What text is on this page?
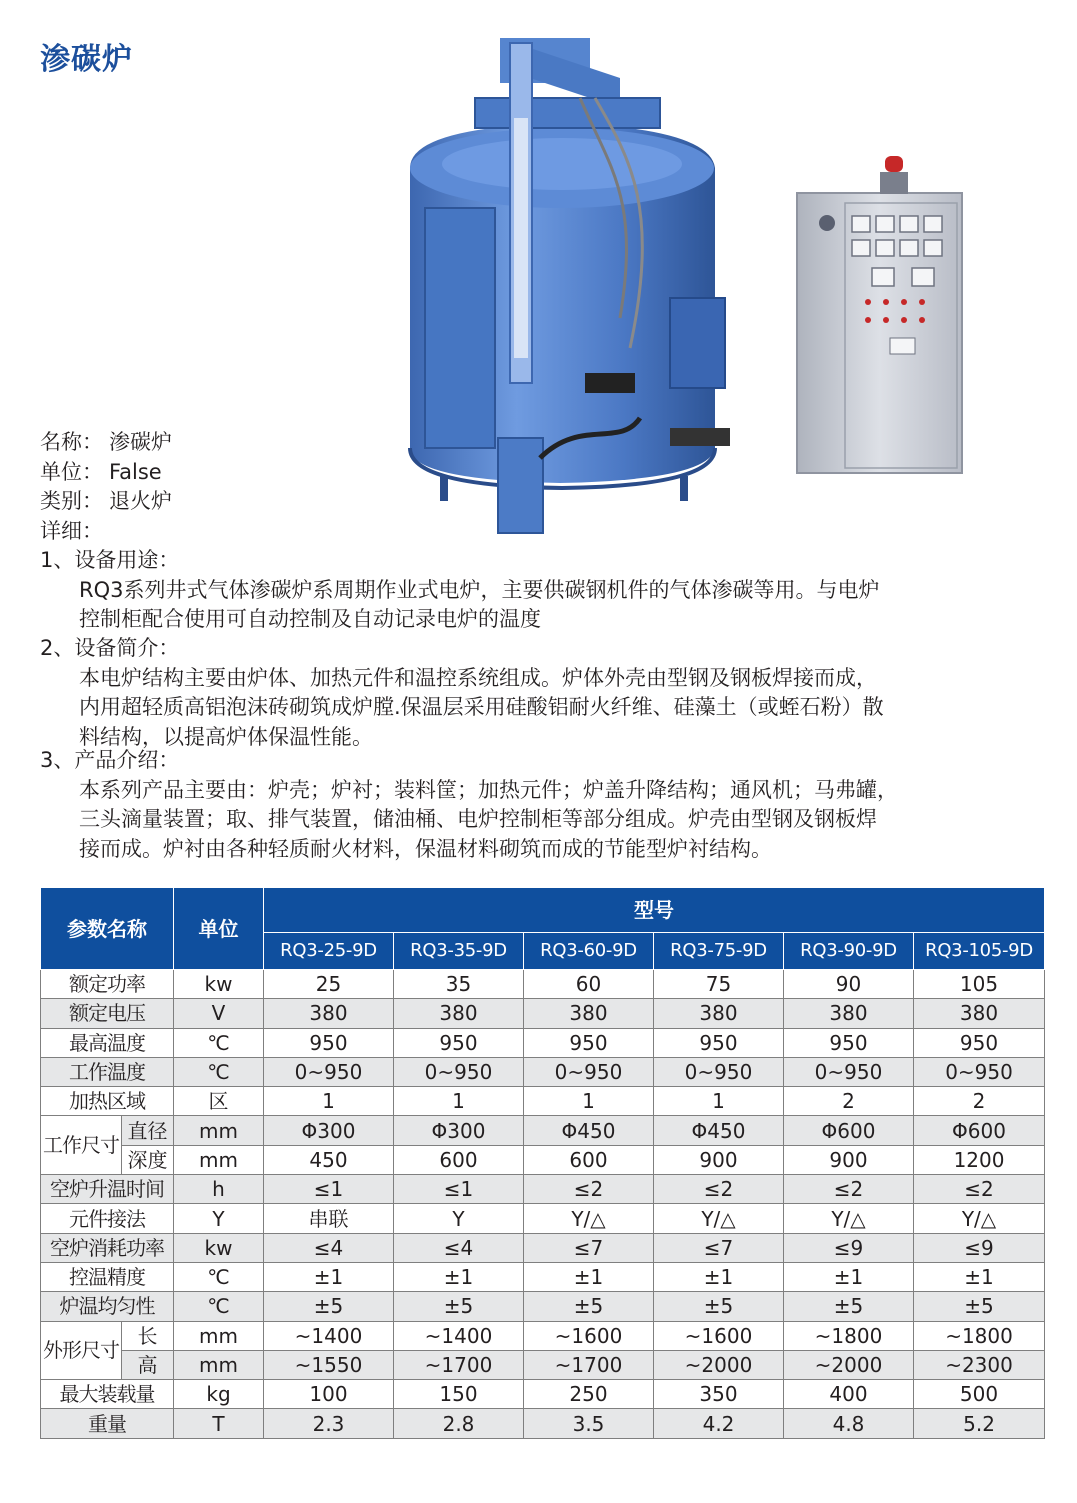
渗碳炉
名称： 渗碳炉
单位： False
类别： 退火炉
详细：
1、设备用途：
RQ3系列井式气体渗碳炉系周期作业式电炉，主要供碳钢机件的气体渗碳等用。与电炉
控制柜配合使用可自动控制及自动记录电炉的温度
2、设备简介：
本电炉结构主要由炉体、加热元件和温控系统组成。炉体外壳由型钢及钢板焊接而成，
内用超轻质高铝泡沫砖砌筑成炉膛.保温层采用硅酸铝耐火纤维、硅藻土（或蛭石粉）散
料结构，以提高炉体保温性能。
3、产品介绍：
本系列产品主要由：炉壳；炉衬；装料筐；加热元件；炉盖升降结构；通风机；马弗罐，
三头滴量装置；取、排气装置，储油桶、电炉控制柜等部分组成。炉壳由型钢及钢板焊
接而成。炉衬由各种轻质耐火材料，保温材料砌筑而成的节能型炉衬结构。
参数名称		单位	型号					
			RQ3-25-9D	RQ3-35-9D	RQ3-60-9D	RQ3-75-9D	RQ3-90-9D	RQ3-105-9D
额定功率		kw	25	35	60	75	90	105
额定电压		V	380	380	380	380	380	380
最高温度		℃	950	950	950	950	950	950
工作温度		℃	0~950	0~950	0~950	0~950	0~950	0~950
加热区域		区	1	1	1	1	2	2
工作尺寸	直径	mm	Φ300	Φ300	Φ450	Φ450	Φ600	Φ600
	深度	mm	450	600	600	900	900	1200
空炉升温时间		h	≤1	≤1	≤2	≤2	≤2	≤2
元件接法		Y	串联	Y	Y/△	Y/△	Y/△	Y/△
空炉消耗功率		kw	≤4	≤4	≤7	≤7	≤9	≤9
控温精度		℃	±1	±1	±1	±1	±1	±1
炉温均匀性		℃	±5	±5	±5	±5	±5	±5
外形尺寸	长	mm	~1400	~1400	~1600	~1600	~1800	~1800
	高	mm	~1550	~1700	~1700	~2000	~2000	~2300
最大装载量		kg	100	150	250	350	400	500
重量		T	2.3	2.8	3.5	4.2	4.8	5.2
